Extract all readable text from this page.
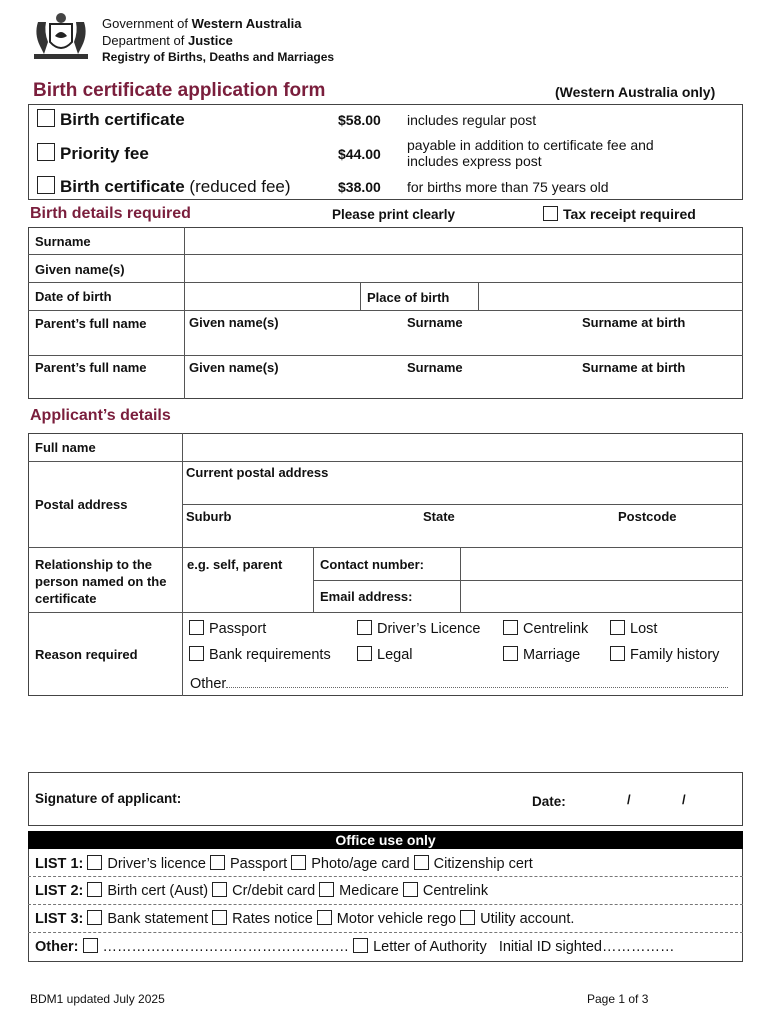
Government of Western Australia
Department of Justice
Registry of Births, Deaths and Marriages
Birth certificate application form	(Western Australia only)
Birth certificate	$58.00 includes regular post
Priority fee	$44.00
payable in addition to certificate fee and includes express post
Birth certificate (reduced fee)	$38.00 for births more than 75 years old
Birth details required	Please print clearly	Tax receipt required
Surname
Given name(s)
Date of birth	Place of birth
Parent’s full name	Given name(s)	Surname	Surname at birth
Parent’s full name	Given name(s)	Surname	Surname at birth
Applicant’s details
Full name
Postal address
Current postal address
Suburb	State	Postcode
Relationship to the person named on the certificate
e.g. self, parent	Contact number:
Email address:
Reason required
Passport	Driver’s Licence	Centrelink	Lost
Bank requirements	Legal	Marriage	Family history
Other
Signature of applicant:	Date:	/	/
Office use only
LIST 1: Driver’s licence Passport Photo/age card Citizenship cert
LIST 2: Birth cert (Aust) Cr/debit card Medicare Centrelink
LIST 3: Bank statement Rates notice Motor vehicle rego Utility account.
Other: …………………………………………… Letter of Authority Initial ID sighted……………
BDM1 updated July 2025	Page 1 of 3
